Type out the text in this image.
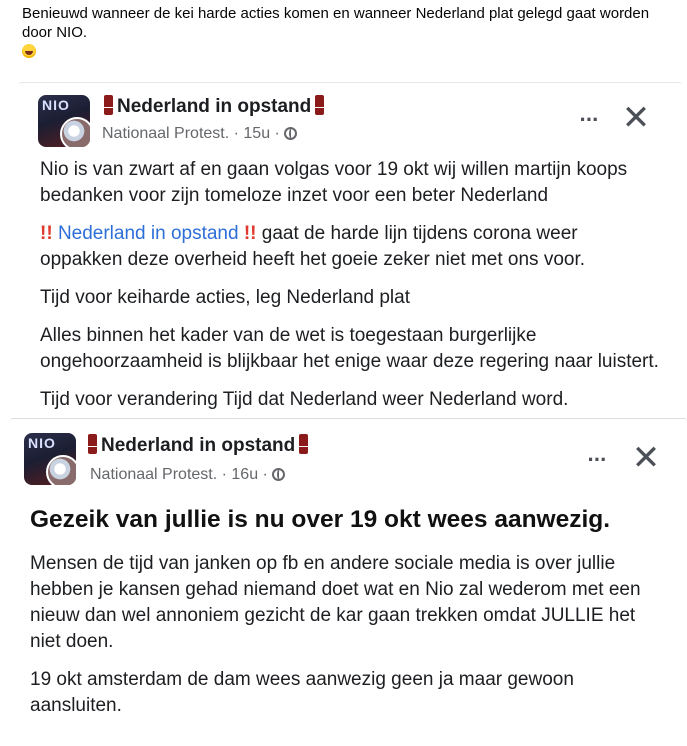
Benieuwd wanneer de kei harde acties komen en wanneer Nederland plat gelegd gaat worden door NIO.

NIO	Nederland in opstand
Nationaal Protest. · 15u ·
··· ✕

Nio is van zwart af en gaan volgas voor 19 okt wij willen martijn koops bedanken voor zijn tomeloze inzet voor een beter Nederland

!! Nederland in opstand !! gaat de harde lijn tijdens corona weer oppakken deze overheid heeft het goeie zeker niet met ons voor.

Tijd voor keiharde acties, leg Nederland plat

Alles binnen het kader van de wet is toegestaan burgerlijke ongehoorzaamheid is blijkbaar het enige waar deze regering naar luistert.

Tijd voor verandering Tijd dat Nederland weer Nederland word.

NIO	Nederland in opstand
Nationaal Protest. · 16u ·
··· ✕
Gezeik van jullie is nu over 19 okt wees aanwezig.

Mensen de tijd van janken op fb en andere sociale media is over jullie hebben je kansen gehad niemand doet wat en Nio zal wederom met een nieuw dan wel annoniem gezicht de kar gaan trekken omdat JULLIE het niet doen.

19 okt amsterdam de dam wees aanwezig geen ja maar gewoon aansluiten.
